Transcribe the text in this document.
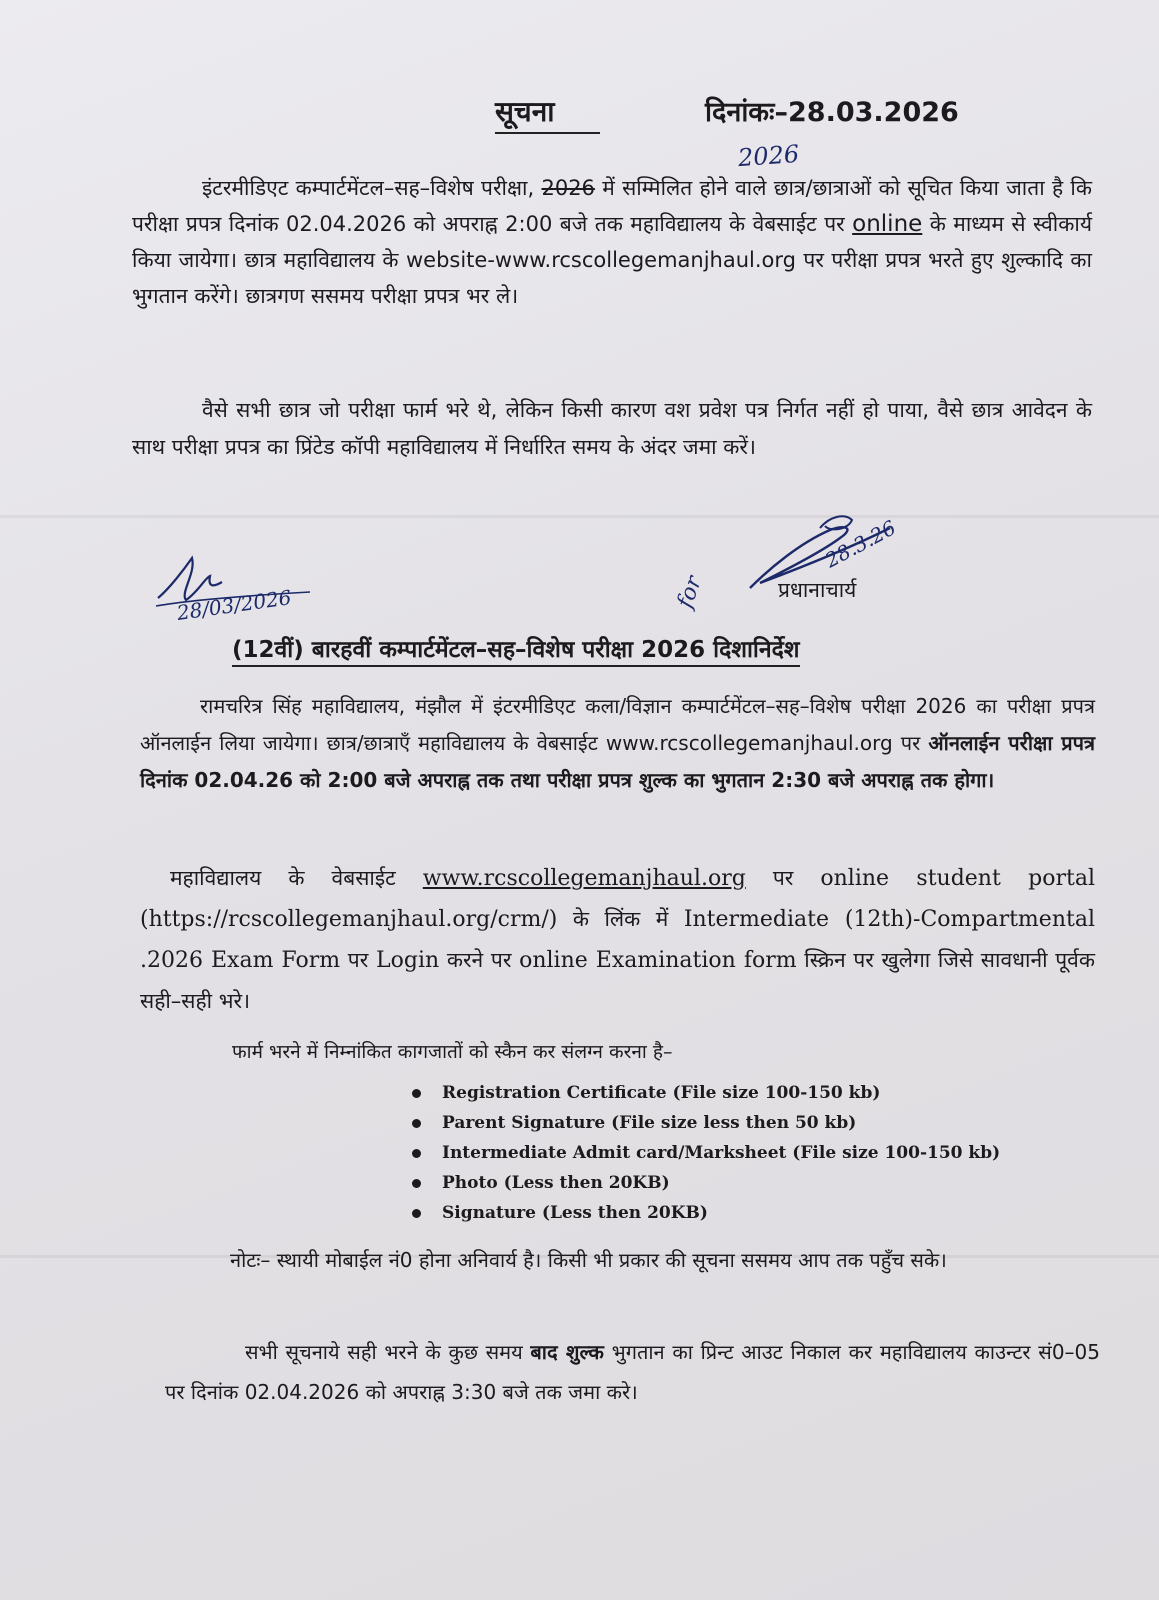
सूचना	दिनांकः–28.03.2026
2026
इंटरमीडिएट कम्पार्टमेंटल–सह–विशेष परीक्षा, 2026 में सम्मिलित होने वाले छात्र/छात्राओं को सूचित किया जाता है कि परीक्षा प्रपत्र दिनांक 02.04.2026 को अपराह्न 2:00 बजे तक महाविद्यालय के वेबसाईट पर online के माध्यम से स्वीकार्य किया जायेगा। छात्र महाविद्यालय के website-www.rcscollegemanjhaul.org पर परीक्षा प्रपत्र भरते हुए शुल्कादि का भुगतान करेंगे। छात्रगण ससमय परीक्षा प्रपत्र भर ले।
वैसे सभी छात्र जो परीक्षा फार्म भरे थे, लेकिन किसी कारण वश प्रवेश पत्र निर्गत नहीं हो पाया, वैसे छात्र आवेदन के साथ परीक्षा प्रपत्र का प्रिंटेड कॉपी महाविद्यालय में निर्धारित समय के अंदर जमा करें।
28/03/2026	for
28.3.26
प्रधानाचार्य
(12वीं) बारहवीं कम्पार्टमेंटल–सह–विशेष परीक्षा 2026 दिशानिर्देश
रामचरित्र सिंह महाविद्यालय, मंझौल में इंटरमीडिएट कला/विज्ञान कम्पार्टमेंटल–सह–विशेष परीक्षा 2026 का परीक्षा प्रपत्र ऑनलाईन लिया जायेगा। छात्र/छात्राएँ महाविद्यालय के वेबसाईट www.rcscollegemanjhaul.org पर ऑनलाईन परीक्षा प्रपत्र दिनांक 02.04.26 को 2:00 बजे अपराह्न तक तथा परीक्षा प्रपत्र शुल्क का भुगतान 2:30 बजे अपराह्न तक होगा।
महाविद्यालय के वेबसाईट www.rcscollegemanjhaul.org पर online student portal (https://rcscollegemanjhaul.org/crm/) के लिंक में Intermediate (12th)-Compartmental .2026 Exam Form पर Login करने पर online Examination form स्क्रिन पर खुलेगा जिसे सावधानी पूर्वक सही–सही भरे।
फार्म भरने में निम्नांकित कागजातों को स्कैन कर संलग्न करना है–
Registration Certificate (File size 100-150 kb)
Parent Signature (File size less then 50 kb)
Intermediate Admit card/Marksheet (File size 100-150 kb)
Photo (Less then 20KB)
Signature (Less then 20KB)
नोटः– स्थायी मोबाईल नं0 होना अनिवार्य है। किसी भी प्रकार की सूचना ससमय आप तक पहुँच सके।
सभी सूचनाये सही भरने के कुछ समय बाद शुल्क भुगतान का प्रिन्ट आउट निकाल कर महाविद्यालय काउन्टर सं0–05 पर दिनांक 02.04.2026 को अपराह्न 3:30 बजे तक जमा करे।
